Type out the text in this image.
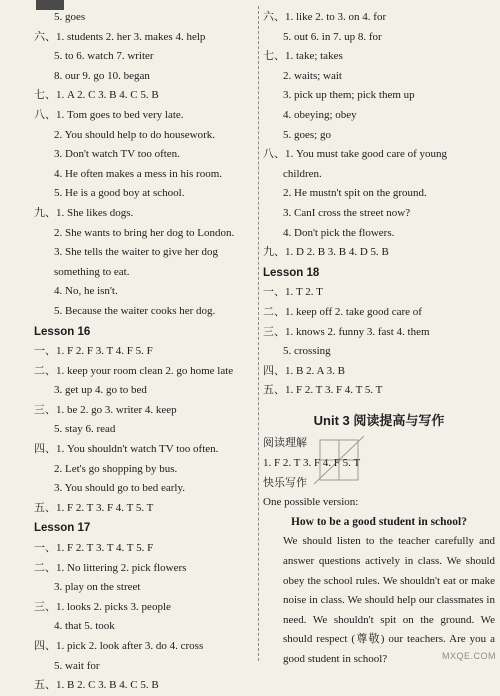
5. goes
六、1. students 2. her 3. makes 4. help
5. to 6. watch 7. writer
8. our 9. go 10. began
七、1. A 2. C 3. B 4. C 5. B
八、1. Tom goes to bed very late.
2. You should help to do housework.
3. Don't watch TV too often.
4. He often makes a mess in his room.
5. He is a good boy at school.
九、1. She likes dogs.
2. She wants to bring her dog to London.
3. She tells the waiter to give her dog
something to eat.
4. No, he isn't.
5. Because the waiter cooks her dog.
Lesson 16
一、1. F 2. F 3. T 4. F 5. F
二、1. keep your room clean 2. go home late
3. get up 4. go to bed
三、1. be 2. go 3. writer 4. keep
5. stay 6. read
四、1. You shouldn't watch TV too often.
2. Let's go shopping by bus.
3. You should go to bed early.
五、1. F 2. T 3. F 4. T 5. T
Lesson 17
一、1. F 2. T 3. T 4. T 5. F
二、1. No littering 2. pick flowers
3. play on the street
三、1. looks 2. picks 3. people
4. that 5. took
四、1. pick 2. look after 3. do 4. cross
5. wait for
五、1. B 2. C 3. B 4. C 5. B
六、1. like 2. to 3. on 4. for
5. out 6. in 7. up 8. for
七、1. take; takes
2. waits; wait
3. pick up them; pick them up
4. obeying; obey
5. goes; go
八、1. You must take good care of young
children.
2. He mustn't spit on the ground.
3. CanI cross the street now?
4. Don't pick the flowers.
九、1. D 2. B 3. B 4. D 5. B
Lesson 18
一、1. T 2. T
二、1. keep off 2. take good care of
三、1. knows 2. funny 3. fast 4. them
5. crossing
四、1. B 2. A 3. B
五、1. F 2. T 3. F 4. T 5. T
Unit 3 阅读提高与写作
阅读理解
1. F 2. T 3. F 4. F 5. T
快乐写作
One possible version:
How to be a good student in school?
We should listen to the teacher carefully and answer questions actively in class. We should obey the school rules. We shouldn't eat or make noise in class. We should help our classmates in need. We shouldn't spit on the ground. We should respect (尊敬) our teachers. Are you a good student in school?	MXQE.COM
